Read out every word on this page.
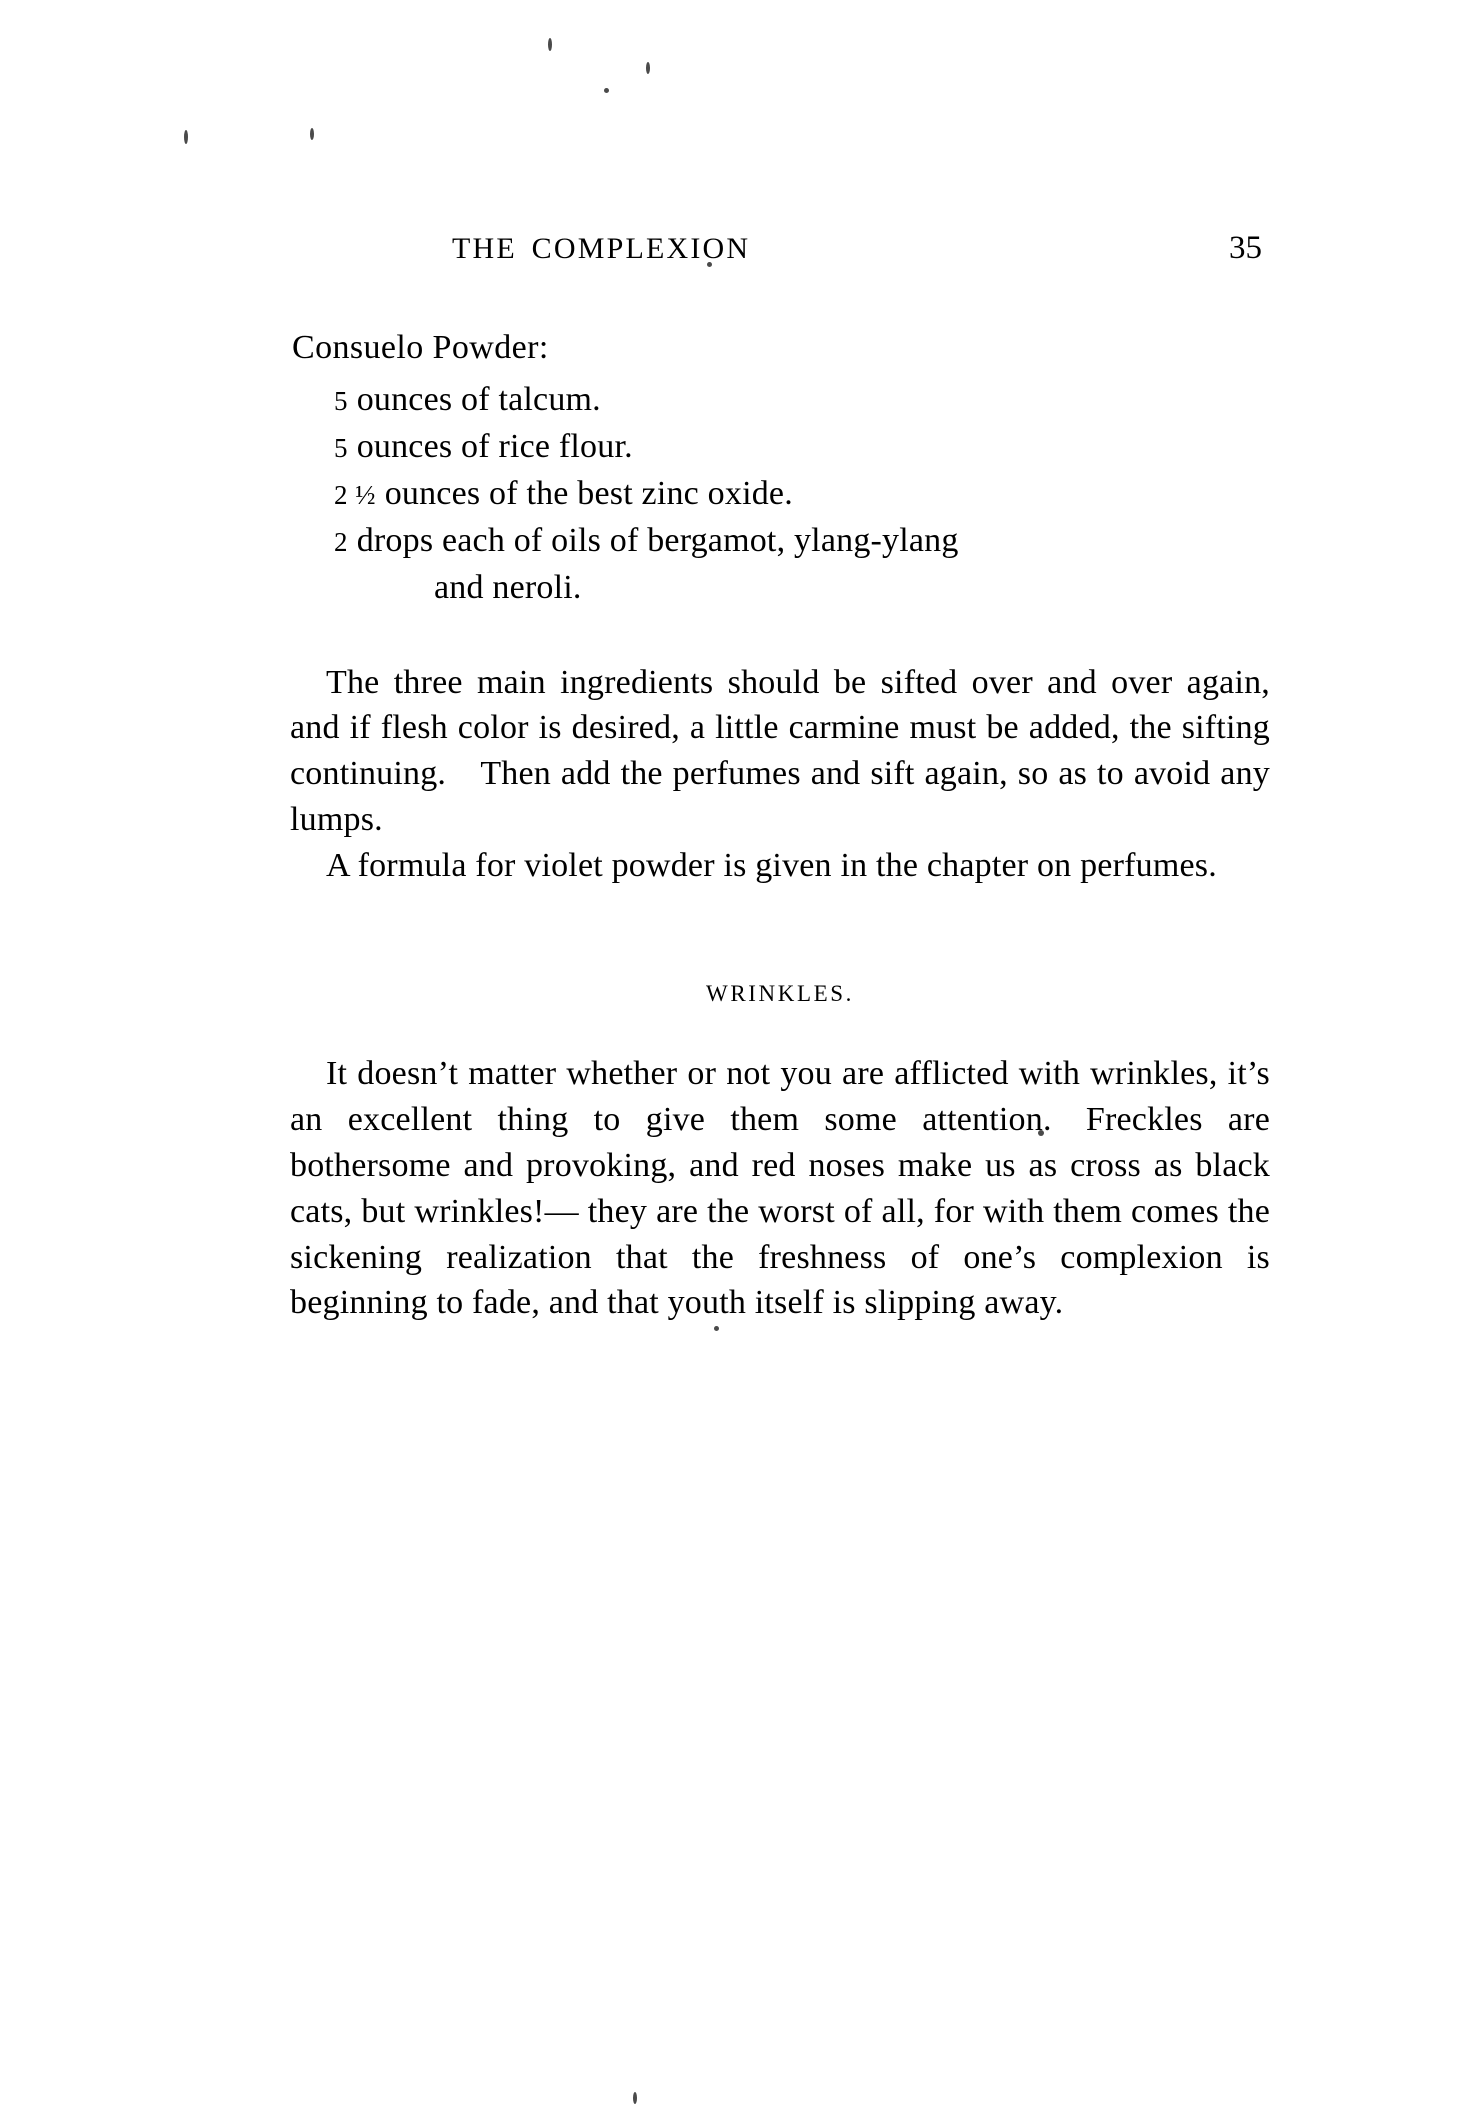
THE COMPLEXION	35
Consuelo Powder:
5 ounces of talcum.
5 ounces of rice flour.
2 ½ ounces of the best zinc oxide.
2 drops each of oils of bergamot, ylang-ylang
and neroli.

The three main ingredients should be sifted over and over again, and if flesh color is desired, a little carmine must be added, the sifting continuing. Then add the perfumes and sift again, so as to avoid any lumps.

A formula for violet powder is given in the chapter on perfumes.

WRINKLES.

It doesn’t matter whether or not you are afflicted with wrinkles, it’s an excellent thing to give them some attention. Freckles are bothersome and provoking, and red noses make us as cross as black cats, but wrinkles!— they are the worst of all, for with them comes the sickening realization that the freshness of one’s complexion is beginning to fade, and that youth itself is slipping away.
